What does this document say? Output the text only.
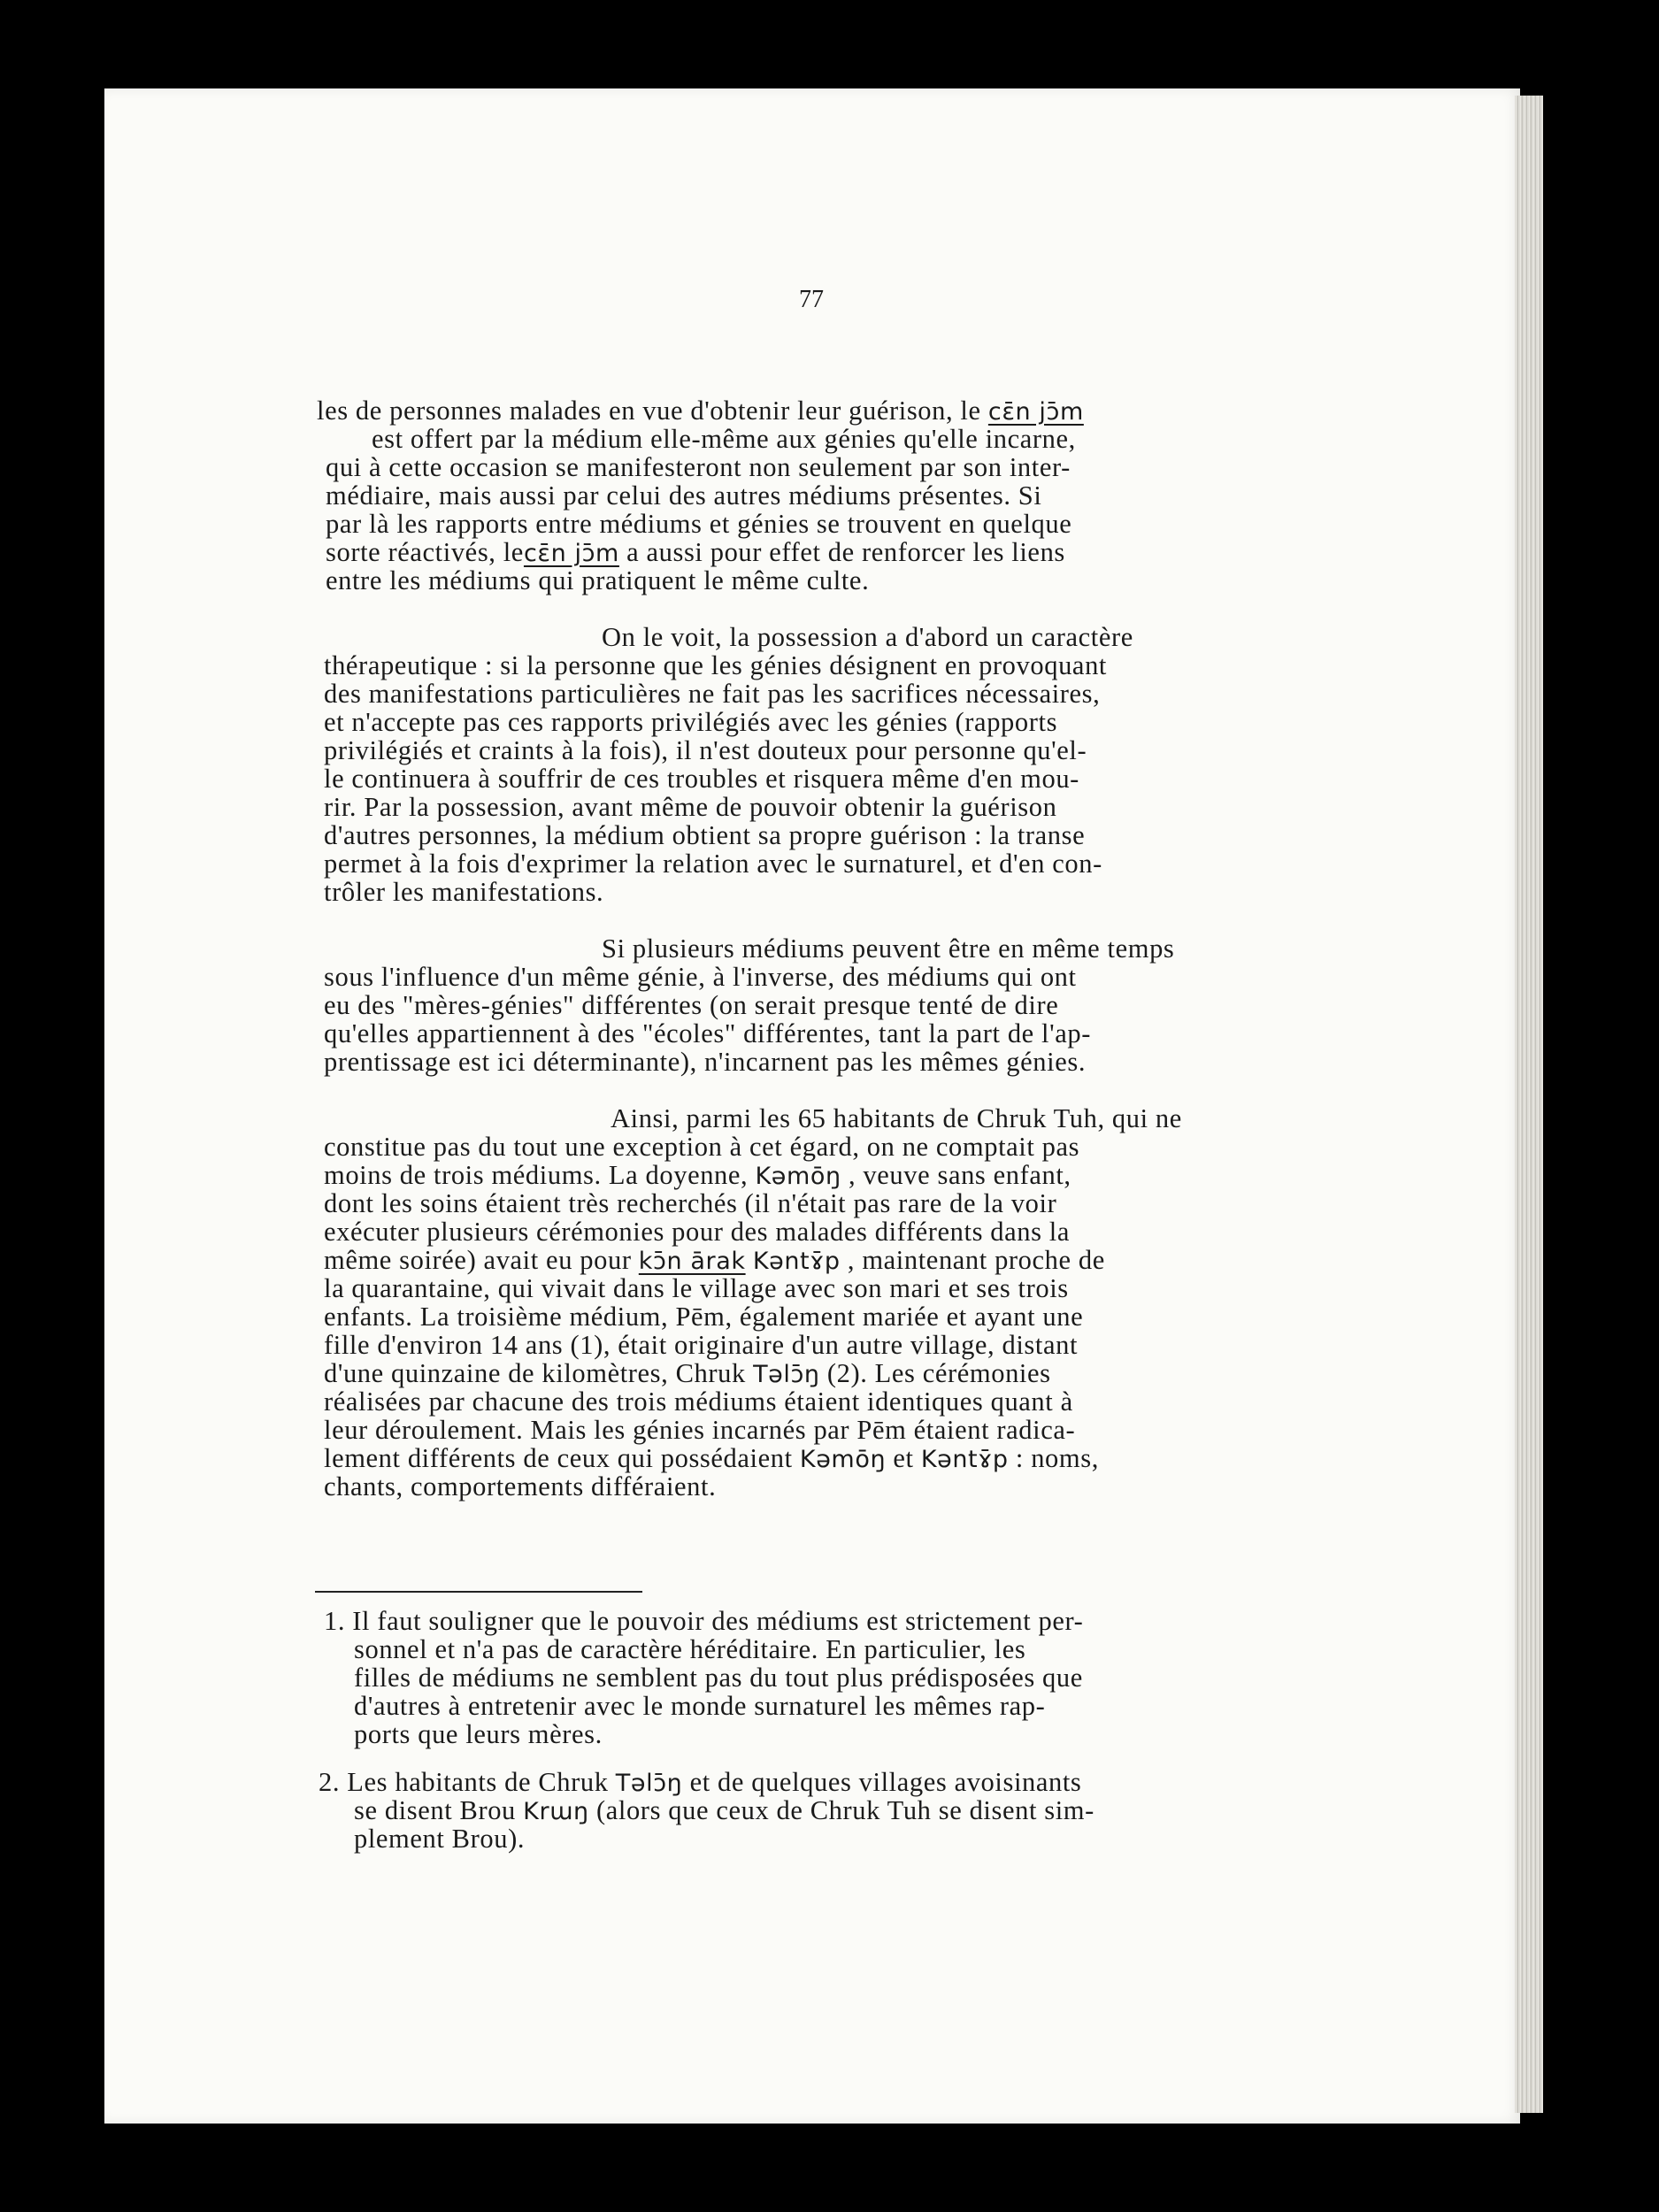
77
les de personnes malades en vue d'obtenir leur guérison, le cɛ̄n jɔ̄m
est offert par la médium elle-même aux génies qu'elle incarne,
qui à cette occasion se manifesteront non seulement par son inter-
médiaire, mais aussi par celui des autres médiums présentes. Si
par là les rapports entre médiums et génies se trouvent en quelque
sorte réactivés, lecɛ̄n jɔ̄m a aussi pour effet de renforcer les liens
entre les médiums qui pratiquent le même culte.
On le voit, la possession a d'abord un caractère
thérapeutique : si la personne que les génies désignent en provoquant
des manifestations particulières ne fait pas les sacrifices nécessaires,
et n'accepte pas ces rapports privilégiés avec les génies (rapports
privilégiés et craints à la fois), il n'est douteux pour personne qu'el-
le continuera à souffrir de ces troubles et risquera même d'en mou-
rir. Par la possession, avant même de pouvoir obtenir la guérison
d'autres personnes, la médium obtient sa propre guérison : la transe
permet à la fois d'exprimer la relation avec le surnaturel, et d'en con-
trôler les manifestations.
Si plusieurs médiums peuvent être en même temps
sous l'influence d'un même génie, à l'inverse, des médiums qui ont
eu des "mères-génies" différentes (on serait presque tenté de dire
qu'elles appartiennent à des "écoles" différentes, tant la part de l'ap-
prentissage est ici déterminante), n'incarnent pas les mêmes génies.
Ainsi, parmi les 65 habitants de Chruk Tuh, qui ne
constitue pas du tout une exception à cet égard, on ne comptait pas
moins de trois médiums. La doyenne, Kəmōŋ , veuve sans enfant,
dont les soins étaient très recherchés (il n'était pas rare de la voir
exécuter plusieurs cérémonies pour des malades différents dans la
même soirée) avait eu pour kɔ̄n ārak Kəntɤ̄p , maintenant proche de
la quarantaine, qui vivait dans le village avec son mari et ses trois
enfants. La troisième médium, Pēm, également mariée et ayant une
fille d'environ 14 ans (1), était originaire d'un autre village, distant
d'une quinzaine de kilomètres, Chruk Təlɔ̄ŋ (2). Les cérémonies
réalisées par chacune des trois médiums étaient identiques quant à
leur déroulement. Mais les génies incarnés par Pēm étaient radica-
lement différents de ceux qui possédaient Kəmōŋ et Kəntɤ̄p : noms,
chants, comportements différaient.
1. Il faut souligner que le pouvoir des médiums est strictement per-
sonnel et n'a pas de caractère héréditaire. En particulier, les
filles de médiums ne semblent pas du tout plus prédisposées que
d'autres à entretenir avec le monde surnaturel les mêmes rap-
ports que leurs mères.
2. Les habitants de Chruk Təlɔ̄ŋ et de quelques villages avoisinants
se disent Brou Krɯŋ (alors que ceux de Chruk Tuh se disent sim-
plement Brou).
